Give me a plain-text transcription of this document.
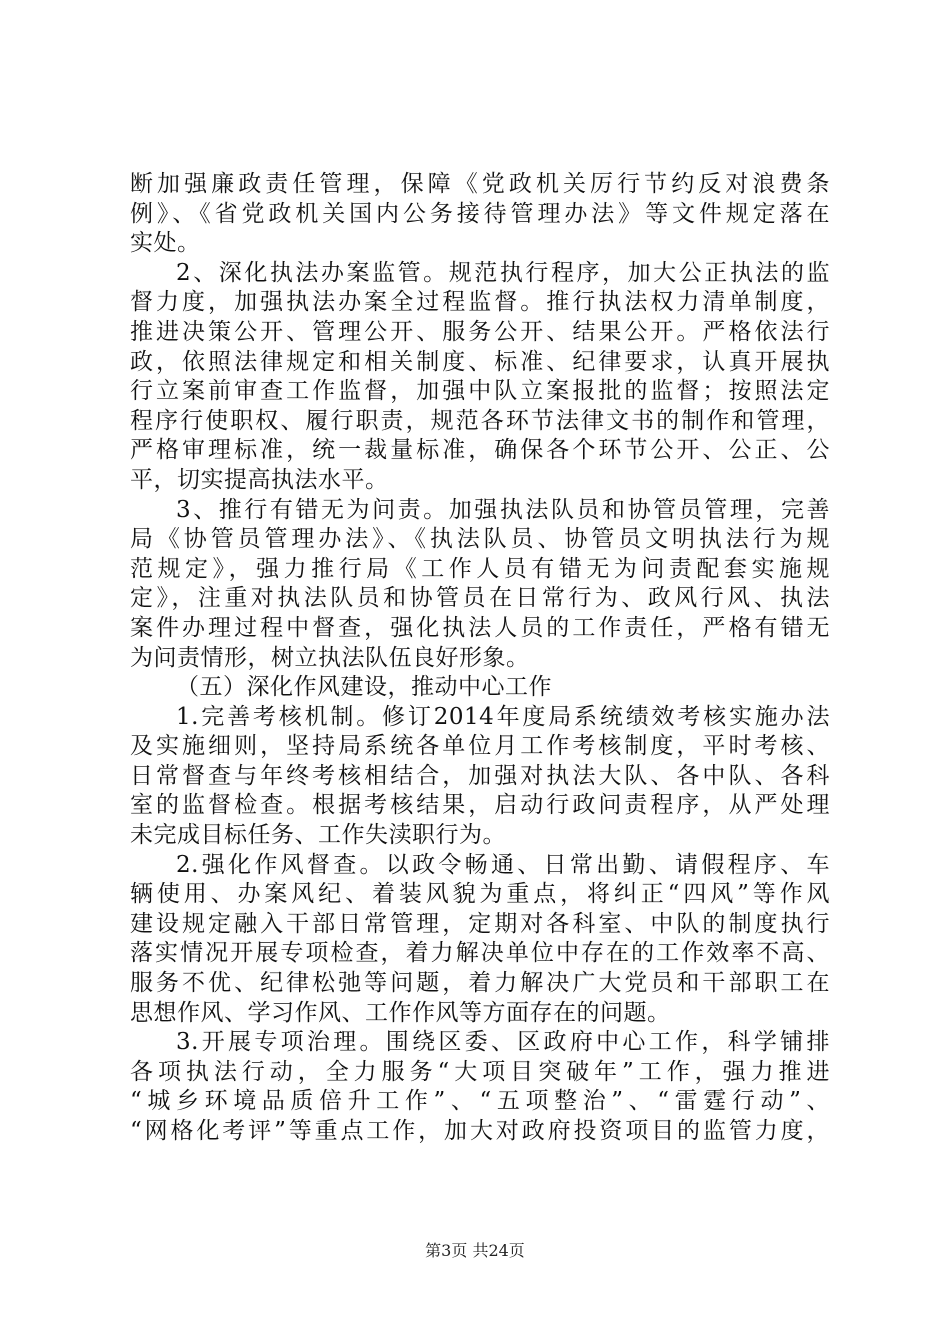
断加强廉政责任管理，保障《党政机关厉行节约反对浪费条
例》、《省党政机关国内公务接待管理办法》等文件规定落在
实处。
2、深化执法办案监管。规范执行程序，加大公正执法的监
督力度，加强执法办案全过程监督。推行执法权力清单制度，
推进决策公开、管理公开、服务公开、结果公开。严格依法行
政，依照法律规定和相关制度、标准、纪律要求，认真开展执
行立案前审查工作监督，加强中队立案报批的监督；按照法定
程序行使职权、履行职责，规范各环节法律文书的制作和管理，
严格审理标准，统一裁量标准，确保各个环节公开、公正、公
平，切实提高执法水平。
3、推行有错无为问责。加强执法队员和协管员管理，完善
局《协管员管理办法》、《执法队员、协管员文明执法行为规
范规定》，强力推行局《工作人员有错无为问责配套实施规
定》，注重对执法队员和协管员在日常行为、政风行风、执法
案件办理过程中督查，强化执法人员的工作责任，严格有错无
为问责情形，树立执法队伍良好形象。
（五）深化作风建设，推动中心工作
1.完善考核机制。修订2014年度局系统绩效考核实施办法
及实施细则，坚持局系统各单位月工作考核制度，平时考核、
日常督查与年终考核相结合，加强对执法大队、各中队、各科
室的监督检查。根据考核结果，启动行政问责程序，从严处理
未完成目标任务、工作失渎职行为。
2.强化作风督查。以政令畅通、日常出勤、请假程序、车
辆使用、办案风纪、着装风貌为重点，将纠正“四风”等作风
建设规定融入干部日常管理，定期对各科室、中队的制度执行
落实情况开展专项检查，着力解决单位中存在的工作效率不高、
服务不优、纪律松弛等问题，着力解决广大党员和干部职工在
思想作风、学习作风、工作作风等方面存在的问题。
3.开展专项治理。围绕区委、区政府中心工作，科学铺排
各项执法行动，全力服务“大项目突破年”工作，强力推进
“城乡环境品质倍升工作”、“五项整治”、“雷霆行动”、
“网格化考评”等重点工作，加大对政府投资项目的监管力度，
第3页 共24页
